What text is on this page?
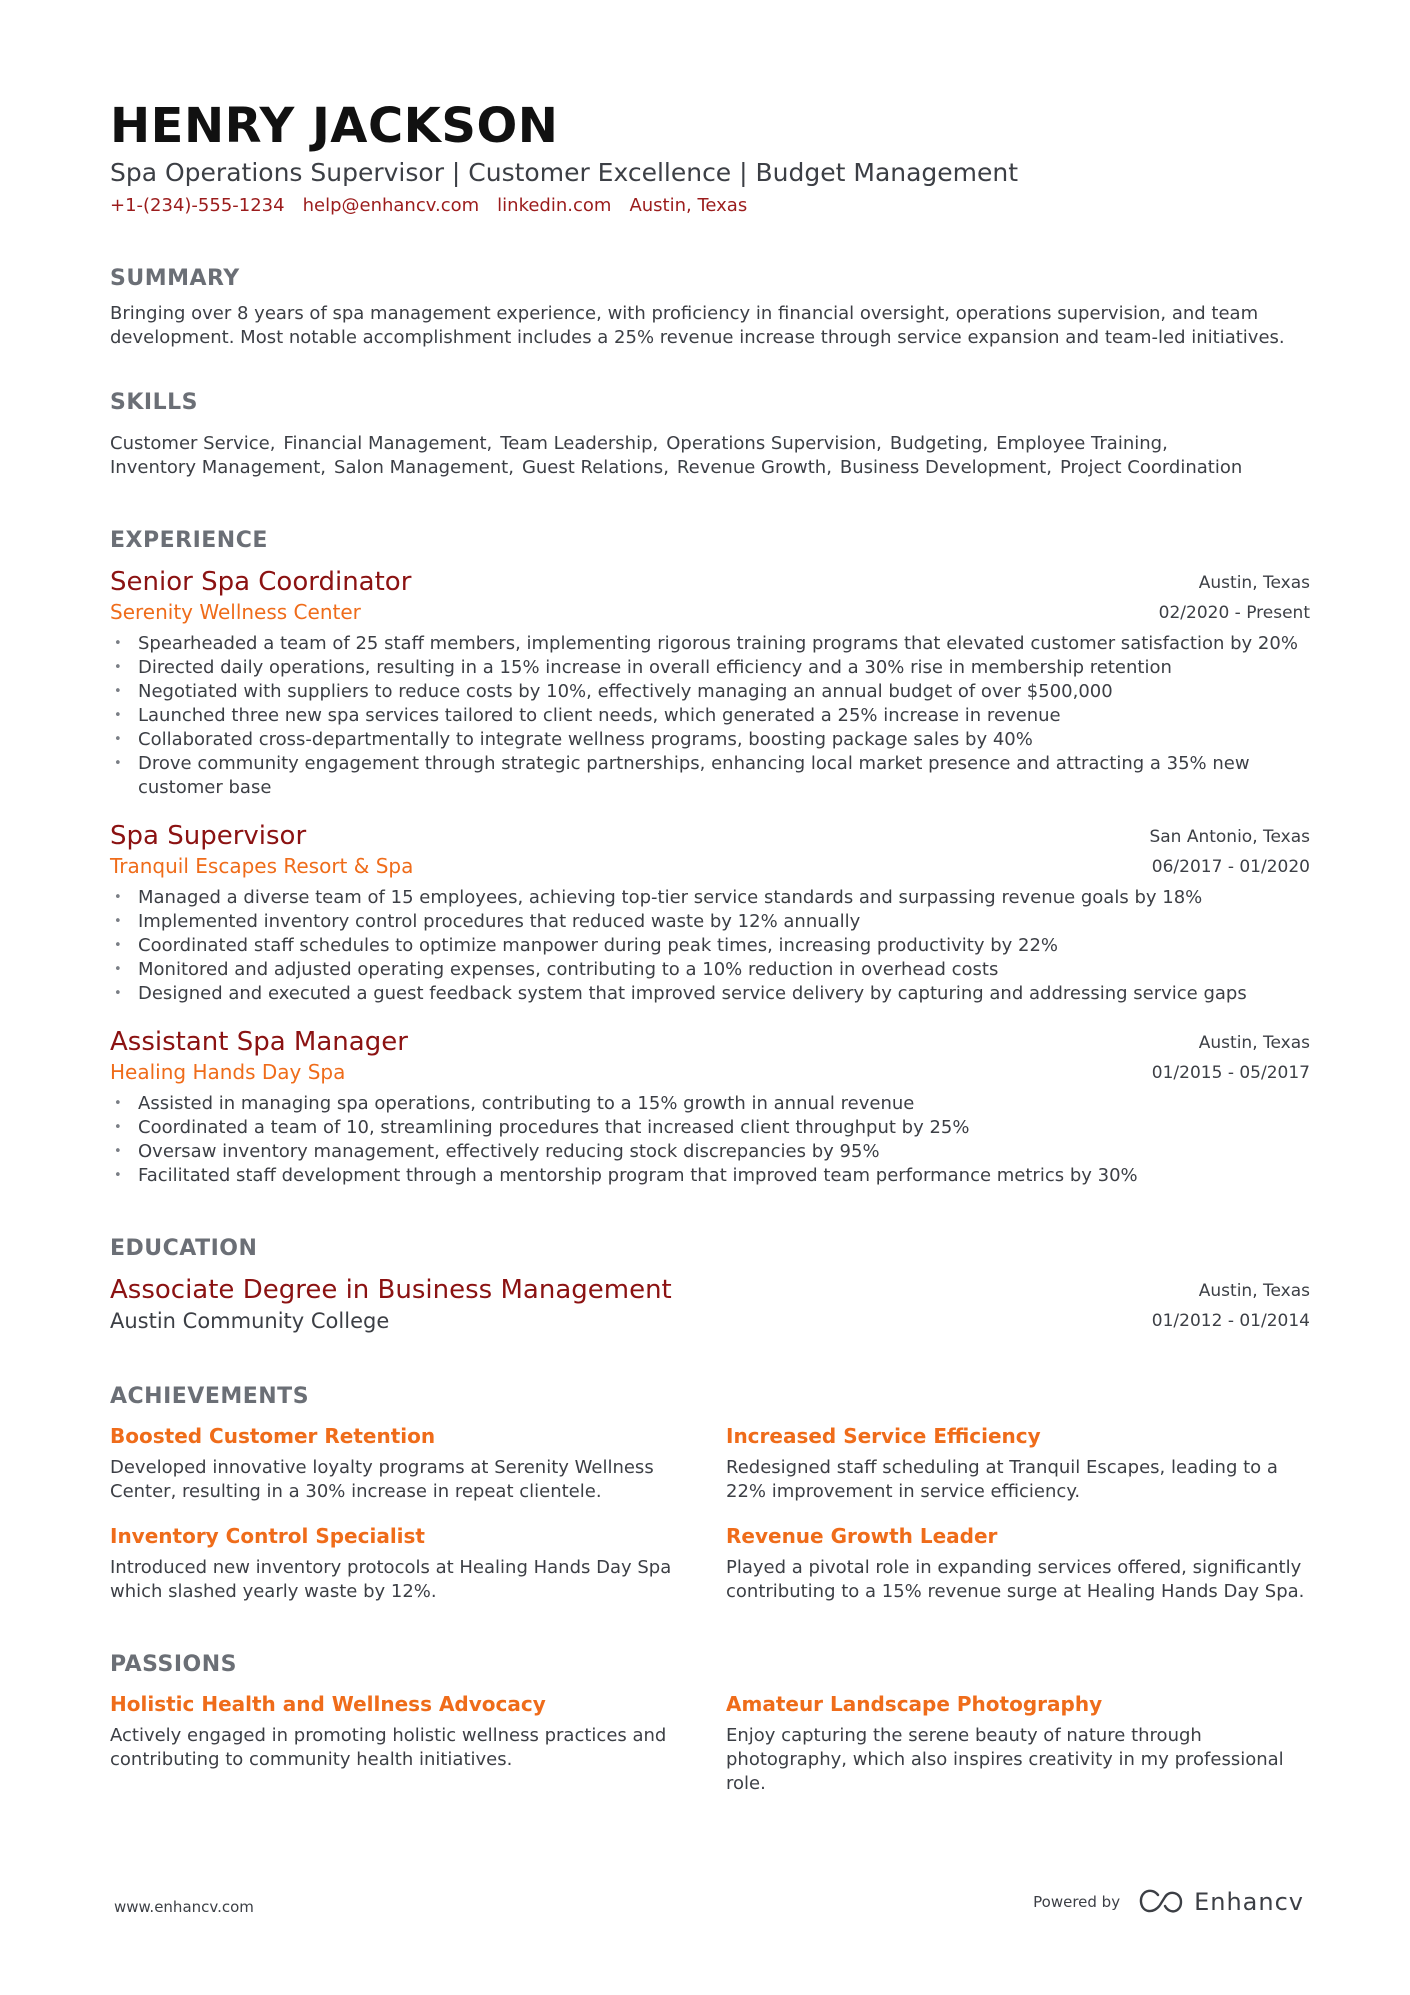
HENRY JACKSON
Spa Operations Supervisor | Customer Excellence | Budget Management
+1-(234)-555-1234 help@enhancv.com linkedin.com Austin, Texas
SUMMARY
Bringing over 8 years of spa management experience, with proficiency in financial oversight, operations supervision, and team development. Most notable accomplishment includes a 25% revenue increase through service expansion and team-led initiatives.
SKILLS
Customer Service , Financial Management , Team Leadership , Operations Supervision , Budgeting , Employee Training ,
Inventory Management , Salon Management , Guest Relations , Revenue Growth , Business Development , Project Coordination
EXPERIENCE
Senior Spa Coordinator
Serenity Wellness Center
Austin, Texas
02/2020 - Present
• Spearheaded a team of 25 staff members, implementing rigorous training programs that elevated customer satisfaction by 20%
• Directed daily operations, resulting in a 15% increase in overall efficiency and a 30% rise in membership retention
• Negotiated with suppliers to reduce costs by 10%, effectively managing an annual budget of over $500,000
• Launched three new spa services tailored to client needs, which generated a 25% increase in revenue
• Collaborated cross-departmentally to integrate wellness programs, boosting package sales by 40%
• Drove community engagement through strategic partnerships, enhancing local market presence and attracting a 35% new customer base
Spa Supervisor
Tranquil Escapes Resort & Spa
San Antonio, Texas
06/2017 - 01/2020
• Managed a diverse team of 15 employees, achieving top-tier service standards and surpassing revenue goals by 18%
• Implemented inventory control procedures that reduced waste by 12% annually
• Coordinated staff schedules to optimize manpower during peak times, increasing productivity by 22%
• Monitored and adjusted operating expenses, contributing to a 10% reduction in overhead costs
• Designed and executed a guest feedback system that improved service delivery by capturing and addressing service gaps
Assistant Spa Manager
Healing Hands Day Spa
Austin, Texas
01/2015 - 05/2017
• Assisted in managing spa operations, contributing to a 15% growth in annual revenue
• Coordinated a team of 10, streamlining procedures that increased client throughput by 25%
• Oversaw inventory management, effectively reducing stock discrepancies by 95%
• Facilitated staff development through a mentorship program that improved team performance metrics by 30%
EDUCATION
Associate Degree in Business Management
Austin Community College
Austin, Texas
01/2012 - 01/2014
ACHIEVEMENTS
Boosted Customer Retention
Developed innovative loyalty programs at Serenity Wellness Center, resulting in a 30% increase in repeat clientele.
Increased Service Efficiency
Redesigned staff scheduling at Tranquil Escapes, leading to a 22% improvement in service efficiency.
Inventory Control Specialist
Introduced new inventory protocols at Healing Hands Day Spa which slashed yearly waste by 12%.
Revenue Growth Leader
Played a pivotal role in expanding services offered, significantly contributing to a 15% revenue surge at Healing Hands Day Spa.
PASSIONS
Holistic Health and Wellness Advocacy
Actively engaged in promoting holistic wellness practices and contributing to community health initiatives.
Amateur Landscape Photography
Enjoy capturing the serene beauty of nature through photography, which also inspires creativity in my professional role.
www.enhancv.com	Powered by	Enhancv
